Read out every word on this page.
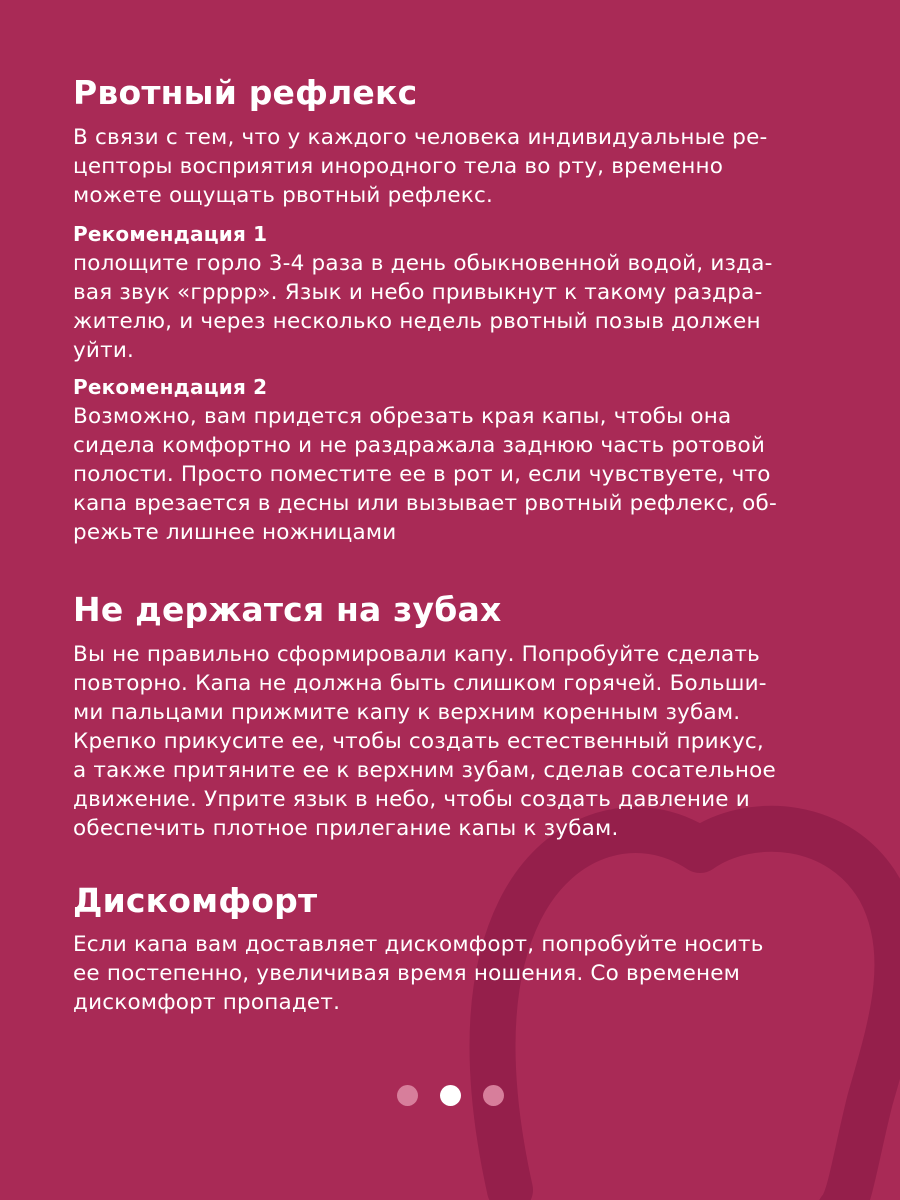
Рвотный рефлекс
В связи с тем, что у каждого человека индивидуальные ре-
цепторы восприятия инородного тела во рту, временно
можете ощущать рвотный рефлекс.
Рекомендация 1
полощите горло 3-4 раза в день обыкновенной водой, изда-
вая звук «грррр». Язык и небо привыкнут к такому раздра-
жителю, и через несколько недель рвотный позыв должен
уйти.
Рекомендация 2
Возможно, вам придется обрезать края капы, чтобы она
сидела комфортно и не раздражала заднюю часть ротовой
полости. Просто поместите ее в рот и, если чувствуете, что
капа врезается в десны или вызывает рвотный рефлекс, об-
режьте лишнее ножницами
Не держатся на зубах
Вы не правильно сформировали капу. Попробуйте сделать
повторно. Капа не должна быть слишком горячей. Больши-
ми пальцами прижмите капу к верхним коренным зубам.
Крепко прикусите ее, чтобы создать естественный прикус,
а также притяните ее к верхним зубам, сделав сосательное
движение. Уприте язык в небо, чтобы создать давление и
обеспечить плотное прилегание капы к зубам.
Дискомфорт
Если капа вам доставляет дискомфорт, попробуйте носить
ее постепенно, увеличивая время ношения. Со временем
дискомфорт пропадет.
